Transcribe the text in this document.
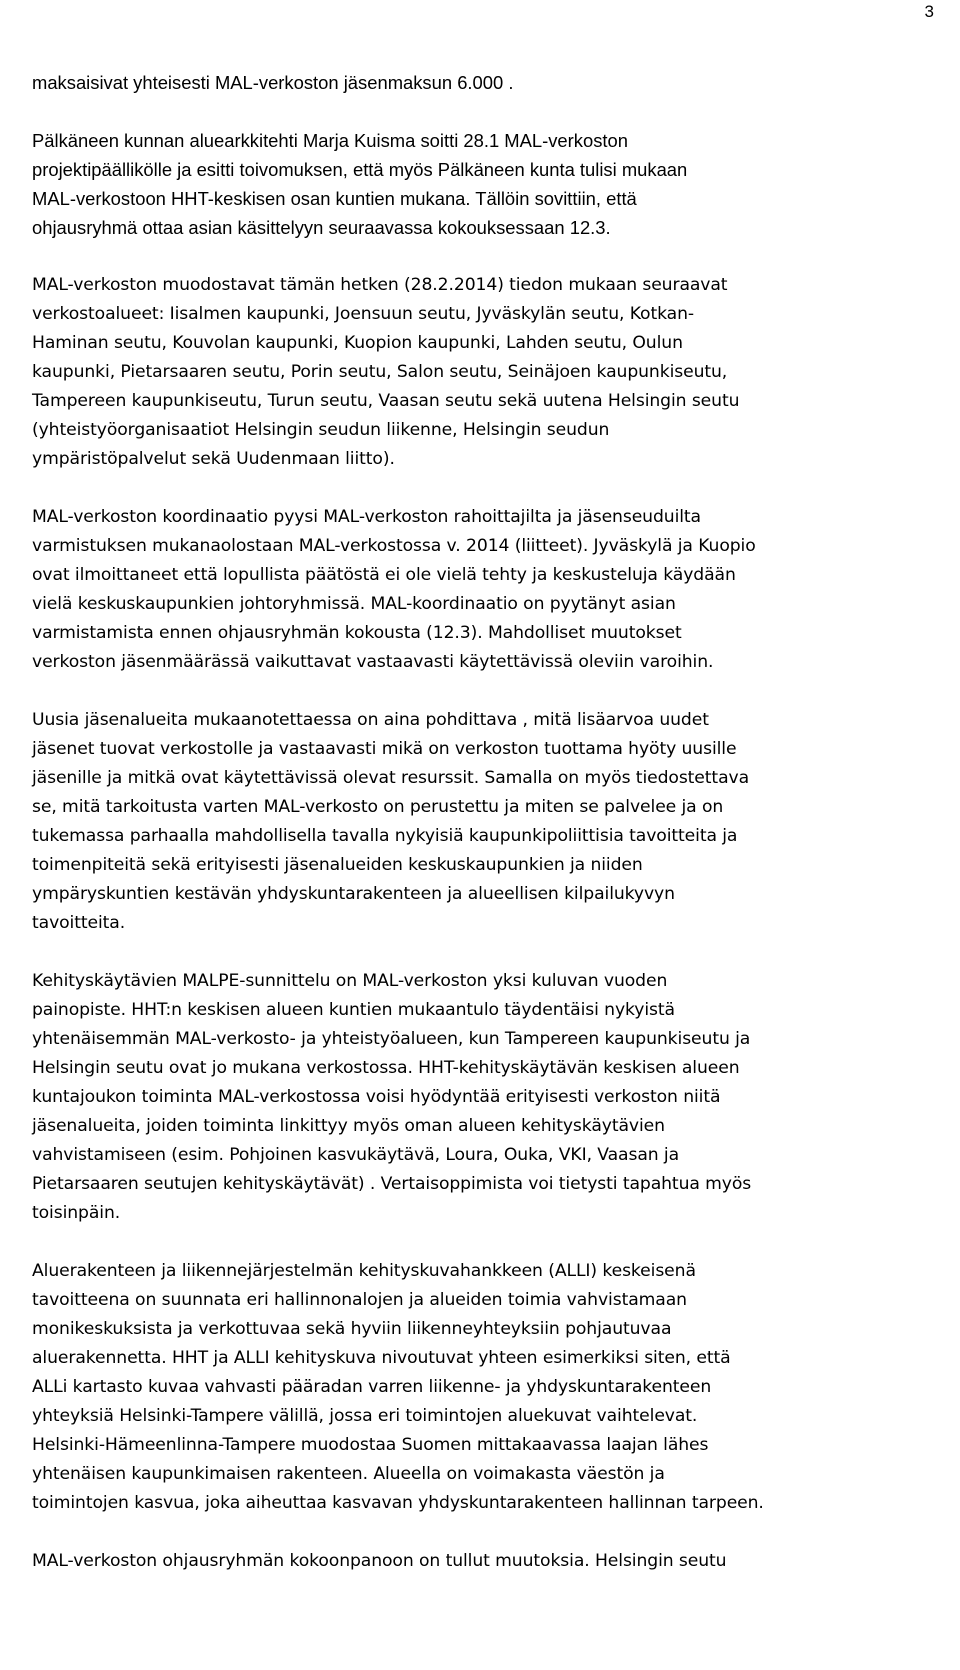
3

maksaisivat yhteisesti MAL-verkoston jäsenmaksun 6.000 .

Pälkäneen kunnan aluearkkitehti Marja Kuisma soitti 28.1 MAL-verkoston
projektipäällikölle ja esitti toivomuksen, että myös Pälkäneen kunta tulisi mukaan
MAL-verkostoon HHT-keskisen osan kuntien mukana. Tällöin sovittiin, että
ohjausryhmä ottaa asian käsittelyyn seuraavassa kokouksessaan 12.3.

MAL-verkoston muodostavat tämän hetken (28.2.2014) tiedon mukaan seuraavat
verkostoalueet: Iisalmen kaupunki, Joensuun seutu, Jyväskylän seutu, Kotkan-
Haminan seutu, Kouvolan kaupunki, Kuopion kaupunki, Lahden seutu, Oulun
kaupunki, Pietarsaaren seutu, Porin seutu, Salon seutu, Seinäjoen kaupunkiseutu,
Tampereen kaupunkiseutu, Turun seutu, Vaasan seutu sekä uutena Helsingin seutu
(yhteistyöorganisaatiot Helsingin seudun liikenne, Helsingin seudun
ympäristöpalvelut sekä Uudenmaan liitto).

MAL-verkoston koordinaatio pyysi MAL-verkoston rahoittajilta ja jäsenseuduilta
varmistuksen mukanaolostaan MAL-verkostossa v. 2014 (liitteet). Jyväskylä ja Kuopio
ovat ilmoittaneet että lopullista päätöstä ei ole vielä tehty ja keskusteluja käydään
vielä keskuskaupunkien johtoryhmissä. MAL-koordinaatio on pyytänyt asian
varmistamista ennen ohjausryhmän kokousta (12.3). Mahdolliset muutokset
verkoston jäsenmäärässä vaikuttavat vastaavasti käytettävissä oleviin varoihin.

Uusia jäsenalueita mukaanotettaessa on aina pohdittava , mitä lisäarvoa uudet
jäsenet tuovat verkostolle ja vastaavasti mikä on verkoston tuottama hyöty uusille
jäsenille ja mitkä ovat käytettävissä olevat resurssit. Samalla on myös tiedostettava
se, mitä tarkoitusta varten MAL-verkosto on perustettu ja miten se palvelee ja on
tukemassa parhaalla mahdollisella tavalla nykyisiä kaupunkipoliittisia tavoitteita ja
toimenpiteitä sekä erityisesti jäsenalueiden keskuskaupunkien ja niiden
ympäryskuntien kestävän yhdyskuntarakenteen ja alueellisen kilpailukyvyn
tavoitteita.

Kehityskäytävien MALPE-sunnittelu on MAL-verkoston yksi kuluvan vuoden
painopiste. HHT:n keskisen alueen kuntien mukaantulo täydentäisi nykyistä
yhtenäisemmän MAL-verkosto- ja yhteistyöalueen, kun Tampereen kaupunkiseutu ja
Helsingin seutu ovat jo mukana verkostossa. HHT-kehityskäytävän keskisen alueen
kuntajoukon toiminta MAL-verkostossa voisi hyödyntää erityisesti verkoston niitä
jäsenalueita, joiden toiminta linkittyy myös oman alueen kehityskäytävien
vahvistamiseen (esim. Pohjoinen kasvukäytävä, Loura, Ouka, VKI, Vaasan ja
Pietarsaaren seutujen kehityskäytävät) . Vertaisoppimista voi tietysti tapahtua myös
toisinpäin.

Aluerakenteen ja liikennejärjestelmän kehityskuvahankkeen (ALLI) keskeisenä
tavoitteena on suunnata eri hallinnonalojen ja alueiden toimia vahvistamaan
monikeskuksista ja verkottuvaa sekä hyviin liikenneyhteyksiin pohjautuvaa
aluerakennetta. HHT ja ALLI kehityskuva nivoutuvat yhteen esimerkiksi siten, että
ALLi kartasto kuvaa vahvasti pääradan varren liikenne- ja yhdyskuntarakenteen
yhteyksiä Helsinki-Tampere välillä, jossa eri toimintojen aluekuvat vaihtelevat.
Helsinki-Hämeenlinna-Tampere muodostaa Suomen mittakaavassa laajan lähes
yhtenäisen kaupunkimaisen rakenteen. Alueella on voimakasta väestön ja
toimintojen kasvua, joka aiheuttaa kasvavan yhdyskuntarakenteen hallinnan tarpeen.

MAL-verkoston ohjausryhmän kokoonpanoon on tullut muutoksia. Helsingin seutu
